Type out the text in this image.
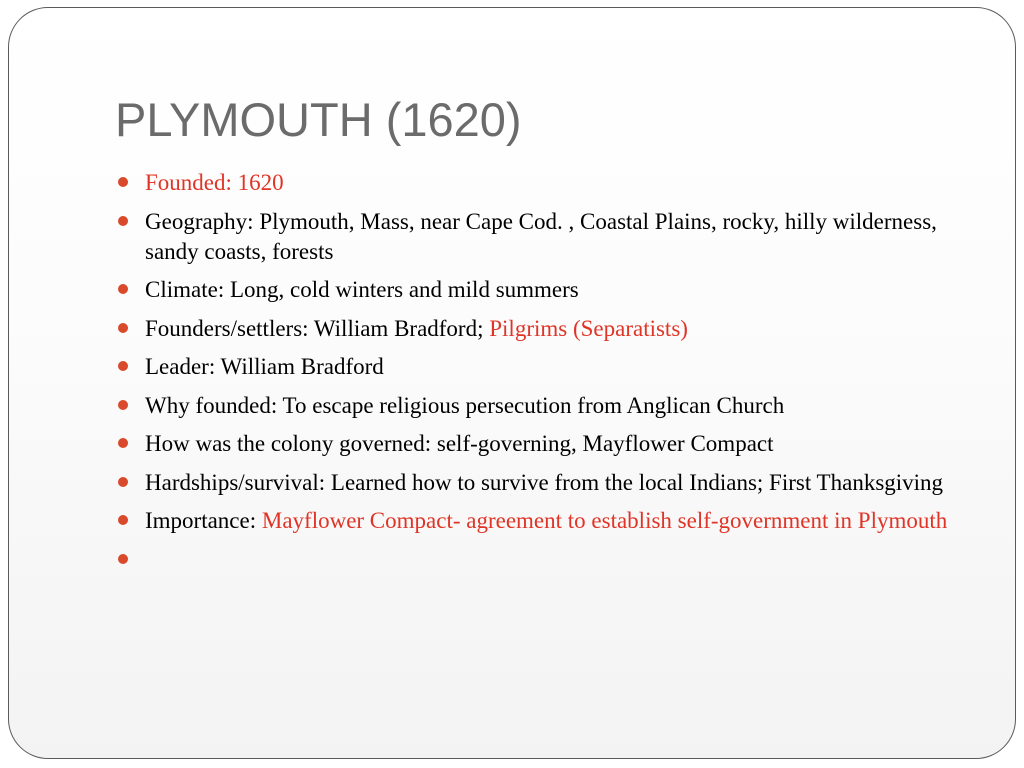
PLYMOUTH (1620)
Founded: 1620
Geography: Plymouth, Mass, near Cape Cod. , Coastal Plains, rocky, hilly wilderness, sandy coasts, forests
Climate: Long, cold winters and mild summers
Founders/settlers: William Bradford; Pilgrims (Separatists)
Leader: William Bradford
Why founded: To escape religious persecution from Anglican Church
How was the colony governed: self-governing, Mayflower Compact
Hardships/survival: Learned how to survive from the local Indians; First Thanksgiving
Importance: Mayflower Compact- agreement to establish self-government in Plymouth
